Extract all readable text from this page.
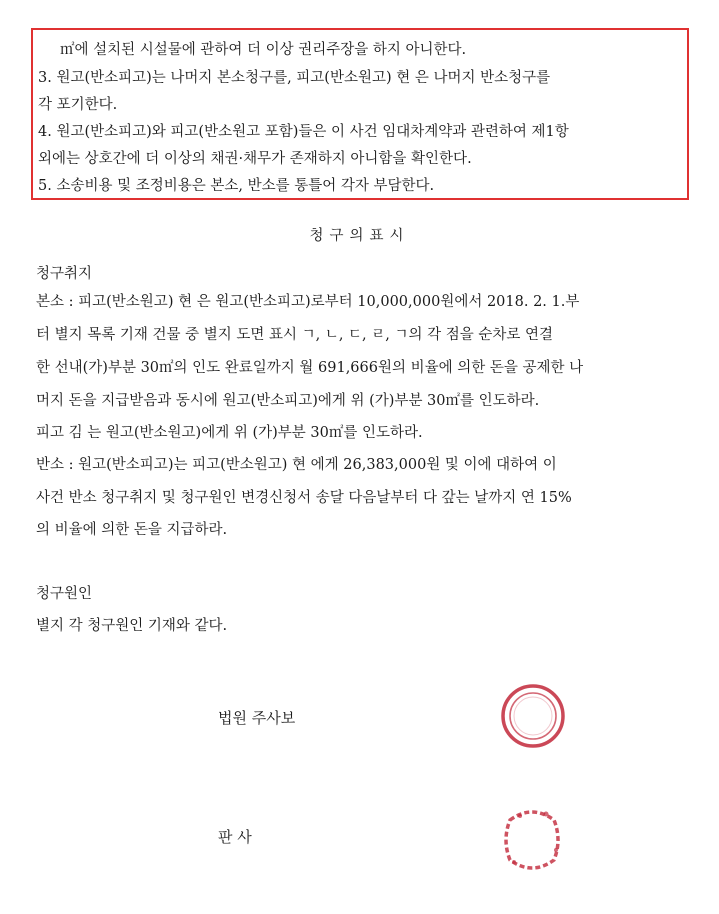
㎡에 설치된 시설물에 관하여 더 이상 권리주장을 하지 아니한다.
3. 원고(반소피고)는 나머지 본소청구를, 피고(반소원고) 현 은 나머지 반소청구를
각 포기한다.
4. 원고(반소피고)와 피고(반소원고 포함)들은 이 사건 임대차계약과 관련하여 제1항
외에는 상호간에 더 이상의 채권·채무가 존재하지 아니함을 확인한다.
5. 소송비용 및 조정비용은 본소, 반소를 통틀어 각자 부담한다.
청구의표시
청구취지
본소 : 피고(반소원고) 현 은 원고(반소피고)로부터 10,000,000원에서 2018. 2. 1.부
터 별지 목록 기재 건물 중 별지 도면 표시 ㄱ, ㄴ, ㄷ, ㄹ, ㄱ의 각 점을 순차로 연결
한 선내(가)부분 30㎡의 인도 완료일까지 월 691,666원의 비율에 의한 돈을 공제한 나
머지 돈을 지급받음과 동시에 원고(반소피고)에게 위 (가)부분 30㎡를 인도하라.
피고 김 는 원고(반소원고)에게 위 (가)부분 30㎡를 인도하라.
반소 : 원고(반소피고)는 피고(반소원고) 현 에게 26,383,000원 및 이에 대하여 이
사건 반소 청구취지 및 청구원인 변경신청서 송달 다음날부터 다 갚는 날까지 연 15%
의 비율에 의한 돈을 지급하라.
청구원인
별지 각 청구원인 기재와 같다.
법원 주사보
판 사
